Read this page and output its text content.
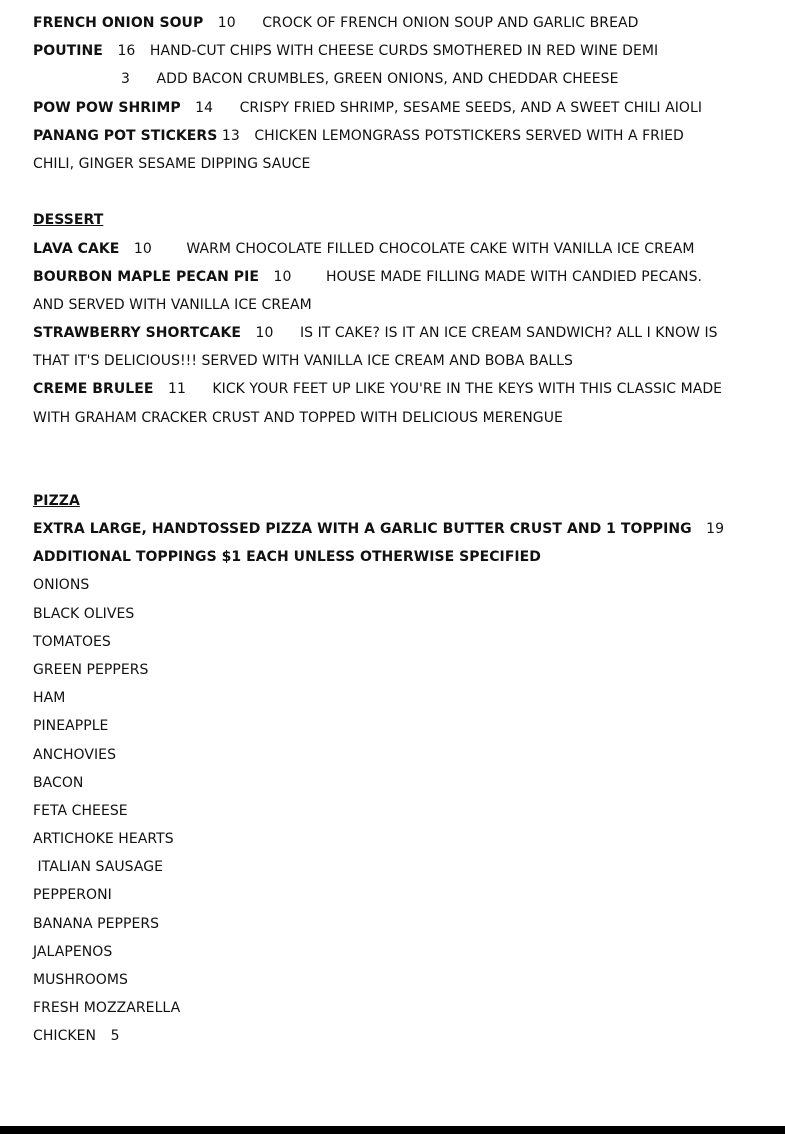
FRENCH ONION SOUP 10 CROCK OF FRENCH ONION SOUP AND GARLIC BREAD
POUTINE 16 HAND-CUT CHIPS WITH CHEESE CURDS SMOTHERED IN RED WINE DEMI
3 ADD BACON CRUMBLES, GREEN ONIONS, AND CHEDDAR CHEESE
POW POW SHRIMP 14 CRISPY FRIED SHRIMP, SESAME SEEDS, AND A SWEET CHILI AIOLI
PANANG POT STICKERS 13 CHICKEN LEMONGRASS POTSTICKERS SERVED WITH A FRIED
CHILI, GINGER SESAME DIPPING SAUCE
DESSERT
LAVA CAKE 10 WARM CHOCOLATE FILLED CHOCOLATE CAKE WITH VANILLA ICE CREAM
BOURBON MAPLE PECAN PIE 10 HOUSE MADE FILLING MADE WITH CANDIED PECANS.
AND SERVED WITH VANILLA ICE CREAM
STRAWBERRY SHORTCAKE 10 IS IT CAKE? IS IT AN ICE CREAM SANDWICH? ALL I KNOW IS
THAT IT'S DELICIOUS!!! SERVED WITH VANILLA ICE CREAM AND BOBA BALLS
CREME BRULEE 11 KICK YOUR FEET UP LIKE YOU'RE IN THE KEYS WITH THIS CLASSIC MADE
WITH GRAHAM CRACKER CRUST AND TOPPED WITH DELICIOUS MERENGUE
PIZZA
EXTRA LARGE, HANDTOSSED PIZZA WITH A GARLIC BUTTER CRUST AND 1 TOPPING 19
ADDITIONAL TOPPINGS $1 EACH UNLESS OTHERWISE SPECIFIED
ONIONS
BLACK OLIVES
TOMATOES
GREEN PEPPERS
HAM
PINEAPPLE
ANCHOVIES
BACON
FETA CHEESE
ARTICHOKE HEARTS
ITALIAN SAUSAGE
PEPPERONI
BANANA PEPPERS
JALAPENOS
MUSHROOMS
FRESH MOZZARELLA
CHICKEN 5
